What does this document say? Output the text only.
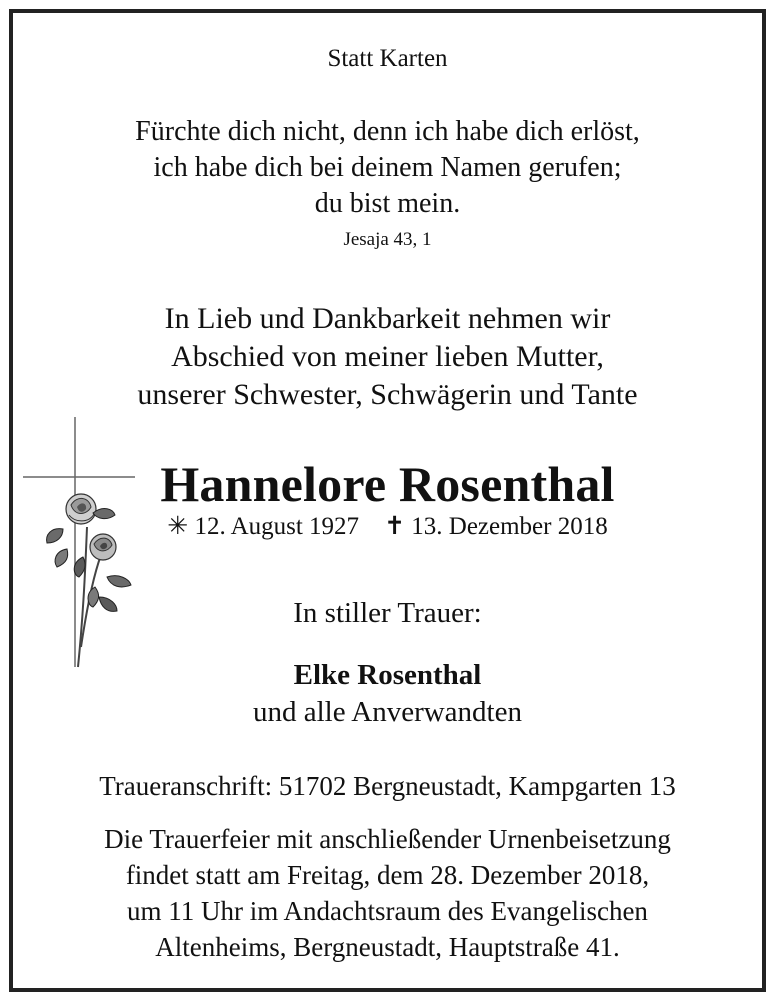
Statt Karten
Fürchte dich nicht, denn ich habe dich erlöst,
ich habe dich bei deinem Namen gerufen;
du bist mein.
Jesaja 43, 1
In Lieb und Dankbarkeit nehmen wir
Abschied von meiner lieben Mutter,
unserer Schwester, Schwägerin und Tante
Hannelore Rosenthal
✳ 12. August 1927 ✝ 13. Dezember 2018
In stiller Trauer:
Elke Rosenthal
und alle Anverwandten
Traueranschrift: 51702 Bergneustadt, Kampgarten 13
Die Trauerfeier mit anschließender Urnenbeisetzung
findet statt am Freitag, dem 28. Dezember 2018,
um 11 Uhr im Andachtsraum des Evangelischen
Altenheims, Bergneustadt, Hauptstraße 41.
